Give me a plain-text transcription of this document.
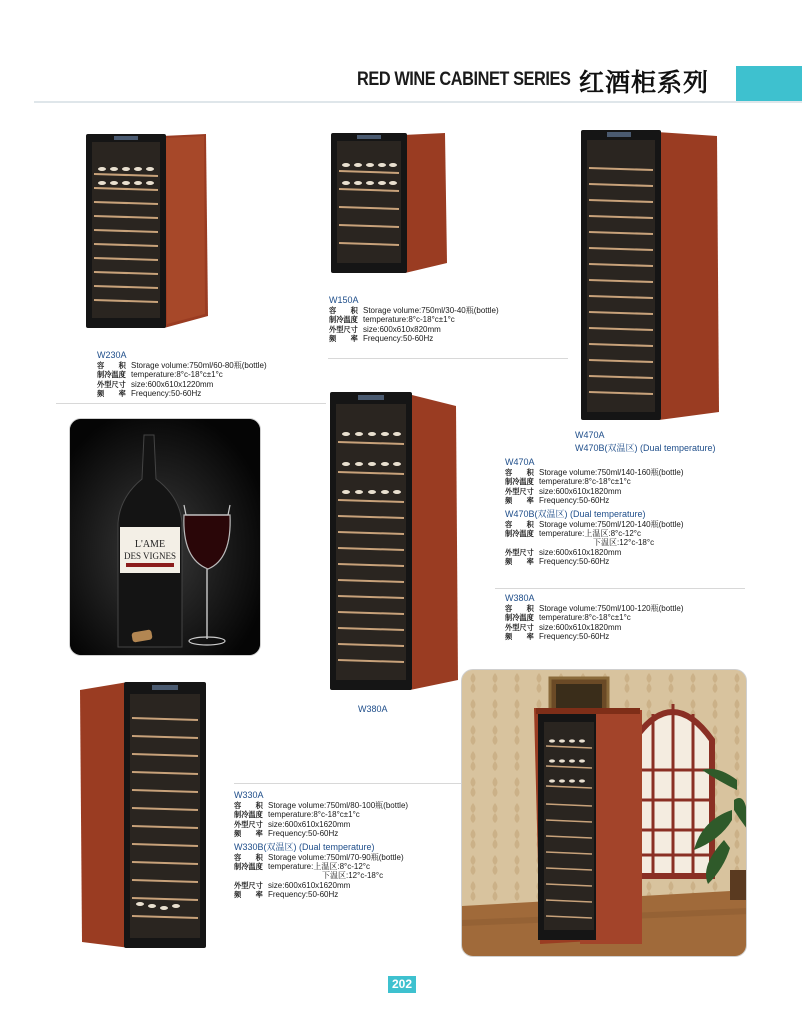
RED WINE CABINET SERIES 红酒柜系列
W230A
容　　积 Storage volume:750ml/60-80瓶(bottle)
制冷温度 temperature:8°c-18°c±1°c
外型尺寸 size:600x610x1220mm
频　　率 Frequency:50-60Hz
W150A
容　　积 Storage volume:750ml/30-40瓶(bottle)
制冷温度 temperature:8°c-18°c±1°c
外型尺寸 size:600x610x820mm
频　　率 Frequency:50-60Hz
W470A
W470B(双温区) (Dual temperature)
W470A
容　　积 Storage volume:750ml/140-160瓶(bottle)
制冷温度 temperature:8°c-18°c±1°c
外型尺寸 size:600x610x1820mm
频　　率 Frequency:50-60Hz
W470B(双温区) (Dual temperature)
容　　积 Storage volume:750ml/120-140瓶(bottle)
制冷温度 temperature:上温区:8°c-12°c
下温区:12°c-18°c
外型尺寸 size:600x610x1820mm
频　　率 Frequency:50-60Hz
W380A
容　　积 Storage volume:750ml/100-120瓶(bottle)
制冷温度 temperature:8°c-18°c±1°c
外型尺寸 size:600x610x1820mm
频　　率 Frequency:50-60Hz
L'AME
DES VIGNES
W380A
W330A
容　　积 Storage volume:750ml/80-100瓶(bottle)
制冷温度 temperature:8°c-18°c±1°c
外型尺寸 size:600x610x1620mm
频　　率 Frequency:50-60Hz
W330B(双温区) (Dual temperature)
容　　积 Storage volume:750ml/70-90瓶(bottle)
制冷温度 temperature:上温区:8°c-12°c
下温区:12°c-18°c
外型尺寸 size:600x610x1620mm
频　　率 Frequency:50-60Hz
202
